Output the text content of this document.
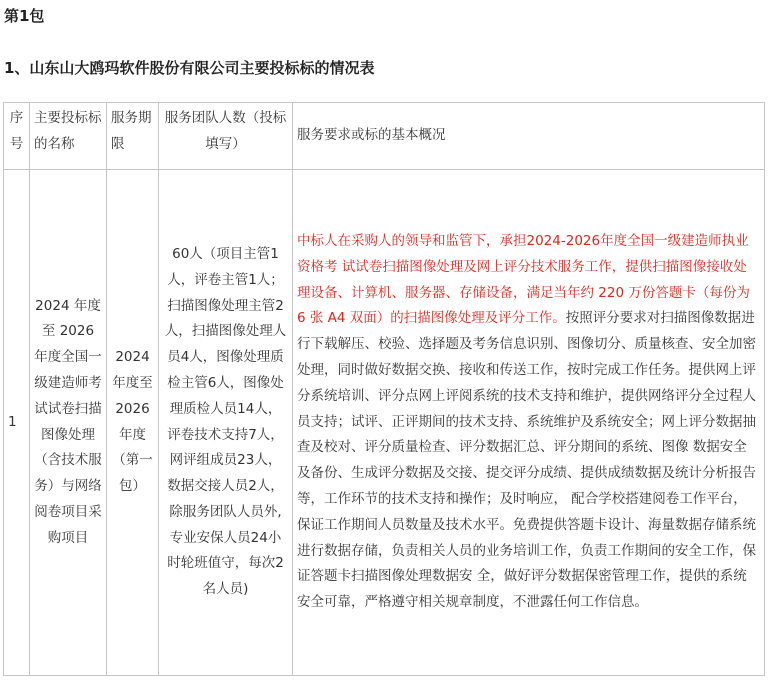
第1包
1、山东山大鸥玛软件股份有限公司主要投标标的情况表
序号	主要投标标的名称	服务期限	服务团队人数（投标填写）	服务要求或标的基本概况
1	2024 年度至 2026 年度全国一级建造师考试试卷扫描图像处理（含技术服务）与网络阅卷项目采购项目	2024 年度至 2026 年度（第一包）	60人（项目主管1人，评卷主管1人；扫描图像处理主管2人，扫描图像处理人员4人，图像处理质检主管6人，图像处理质检人员14人，评卷技术支持7人，网评组成员23人，数据交接人员2人，除服务团队人员外,专业安保人员24小时轮班值守，每次2名人员)	中标人在采购人的领导和监管下，承担2024-2026年度全国一级建造师执业资格考 试试卷扫描图像处理及网上评分技术服务工作，提供扫描图像接收处理设备、计算机、服务器、存储设备，满足当年约 220 万份答题卡（每份为 6 张 A4 双面）的扫描图像处理及评分工作。按照评分要求对扫描图像数据进行下载解压、校验、选择题及考务信息识别、图像切分、质量核查、安全加密处理，同时做好数据交换、接收和传送工作，按时完成工作任务。提供网上评分系统培训、评分点网上评阅系统的技术支持和维护，提供网络评分全过程人员支持；试评、正评期间的技术支持、系统维护及系统安全；网上评分数据抽查及校对、评分质量检查、评分数据汇总、评分期间的系统、图像 数据安全及备份、生成评分数据及交接、提交评分成绩、提供成绩数据及统计分析报告等，工作环节的技术支持和操作；及时响应， 配合学校搭建阅卷工作平台，保证工作期间人员数量及技术水平。免费提供答题卡设计、海量数据存储系统进行数据存储，负责相关人员的业务培训工作，负责工作期间的安全工作，保证答题卡扫描图像处理数据安 全，做好评分数据保密管理工作，提供的系统安全可靠，严格遵守相关规章制度，不泄露任何工作信息。
